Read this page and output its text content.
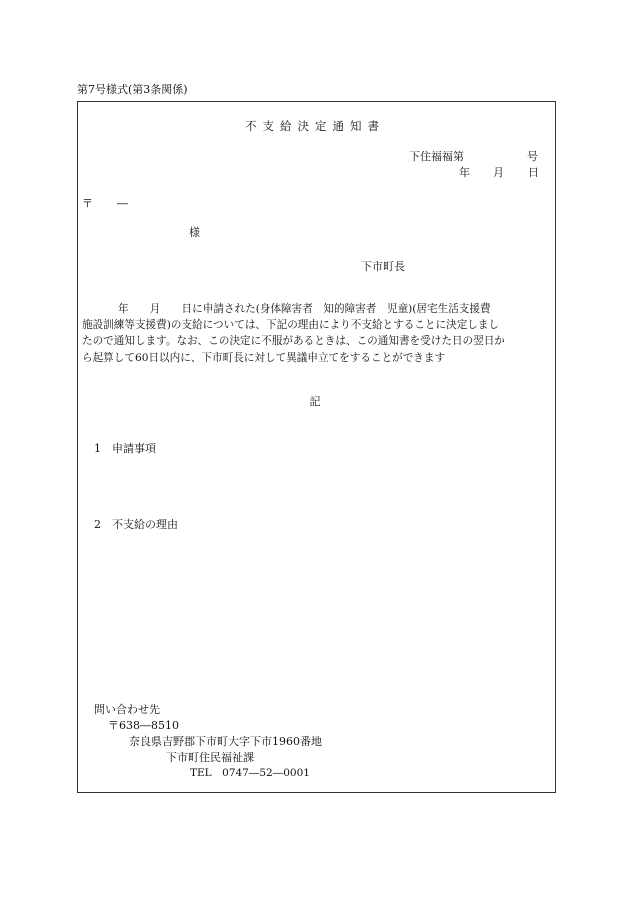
第7号様式(第3条関係)
不支給決定通知書
下住福福第	号
年 月 日
〒 ―
様
下市町長
年　　月　　日に申請された(身体障害者　知的障害者　児童)(居宅生活支援費
施設訓練等支援費)の支給については、下記の理由により不支給とすることに決定しまし
たので通知します。なお、この決定に不服があるときは、この通知書を受けた日の翌日か
ら起算して60日以内に、下市町長に対して異議申立てをすることができます
記
1　申請事項
2　不支給の理由
問い合わせ先
〒638―8510
奈良県吉野郡下市町大字下市1960番地
下市町住民福祉課
TEL　0747―52―0001
